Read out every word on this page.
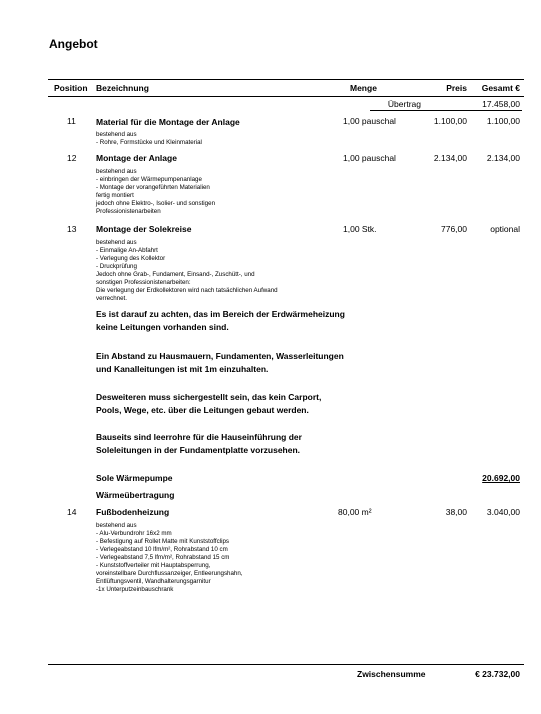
Angebot
Position Bezeichnung	Menge	Preis	Gesamt €
Übertrag	17.458,00
11 Material für die Montage der Anlage	1,00 pauschal	1.100,00	1.100,00
bestehend aus
- Rohre, Formstücke und Kleinmaterial
12 Montage der Anlage	1,00 pauschal	2.134,00	2.134,00
bestehend aus
- einbringen der Wärmepumpenanlage
- Montage der vorangeführten Materialien
fertig montiert
jedoch ohne Elektro-, Isolier- und sonstigen
Professionistenarbeiten
13 Montage der Solekreise	1,00 Stk.	776,00	optional
bestehend aus
- Einmalige An-Abfahrt
- Verlegung des Kollektor
- Druckprüfung
Jedoch ohne Grab-, Fundament, Einsand-, Zuschütt-, und
sonstigen Professionistenarbeiten:
Die verlegung der Erdkollektoren wird nach tatsächlichen Aufwand
verrechnet.
Es ist darauf zu achten, das im Bereich der Erdwärmeheizung keine Leitungen vorhanden sind.
Ein Abstand zu Hausmauern, Fundamenten, Wasserleitungen und Kanalleitungen ist mit 1m einzuhalten.
Desweiteren muss sichergestellt sein, das kein Carport, Pools, Wege, etc. über die Leitungen gebaut werden.
Bauseits sind leerrohre für die Hauseinführung der Soleleitungen in der Fundamentplatte vorzusehen.
Sole Wärmepumpe	20.692,00
Wärmeübertragung
14 Fußbodenheizung	80,00 m²	38,00	3.040,00
bestehend aus
- Alu-Verbundrohr 16x2 mm
- Befestigung auf Rollet Matte mit Kunststoffclips
- Verlegeabstand 10 lfm/m², Rohrabstand 10 cm
- Verlegeabstand 7,5 lfm/m², Rohrabstand 15 cm
- Kunststoffverteiler mit Hauptabsperrung,
voreinstellbare Durchflussanzeiger, Entleerungshahn,
Entlüftungsventil, Wandhalterungsgarnitur
-1x Unterputzeinbauschrank
Zwischensumme	€ 23.732,00
